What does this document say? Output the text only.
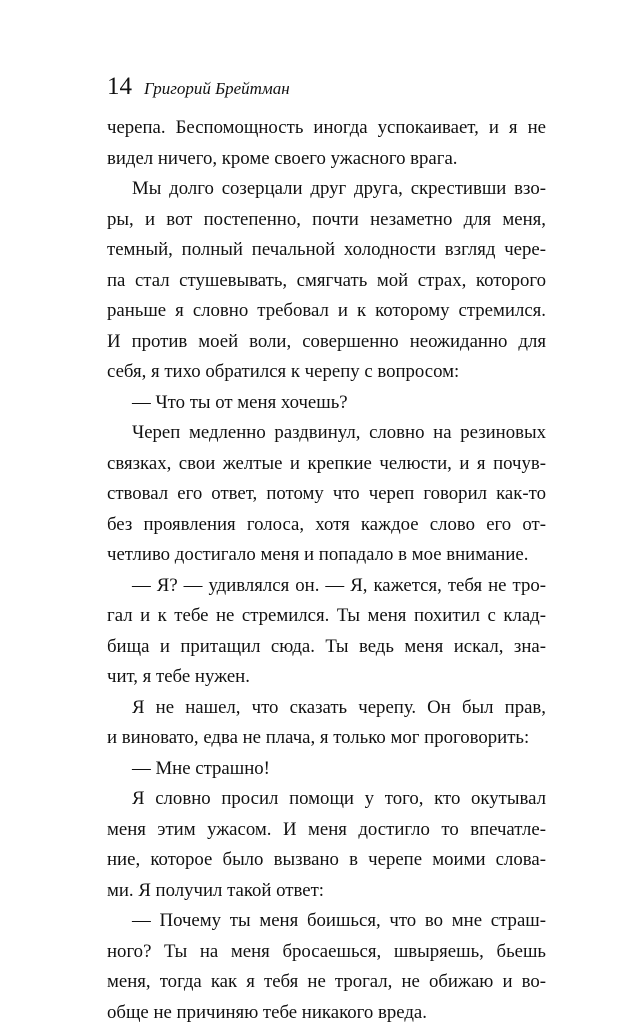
14 Григорий Брейтман
черепа. Беспомощность иногда успокаивает, и я не
видел ничего, кроме своего ужасного врага.
Мы долго созерцали друг друга, скрестивши взо-
ры, и вот постепенно, почти незаметно для меня,
темный, полный печальной холодности взгляд чере-
па стал стушевывать, смягчать мой страх, которого
раньше я словно требовал и к которому стремился.
И против моей воли, совершенно неожиданно для
себя, я тихо обратился к черепу с вопросом:
— Что ты от меня хочешь?
Череп медленно раздвинул, словно на резиновых
связках, свои желтые и крепкие челюсти, и я почув-
ствовал его ответ, потому что череп говорил как-то
без проявления голоса, хотя каждое слово его от-
четливо достигало меня и попадало в мое внимание.
— Я? — удивлялся он. — Я, кажется, тебя не тро-
гал и к тебе не стремился. Ты меня похитил с клад-
бища и притащил сюда. Ты ведь меня искал, зна-
чит, я тебе нужен.
Я не нашел, что сказать черепу. Он был прав,
и виновато, едва не плача, я только мог проговорить:
— Мне страшно!
Я словно просил помощи у того, кто окутывал
меня этим ужасом. И меня достигло то впечатле-
ние, которое было вызвано в черепе моими слова-
ми. Я получил такой ответ:
— Почему ты меня боишься, что во мне страш-
ного? Ты на меня бросаешься, швыряешь, бьешь
меня, тогда как я тебя не трогал, не обижаю и во-
обще не причиняю тебе никакого вреда.
